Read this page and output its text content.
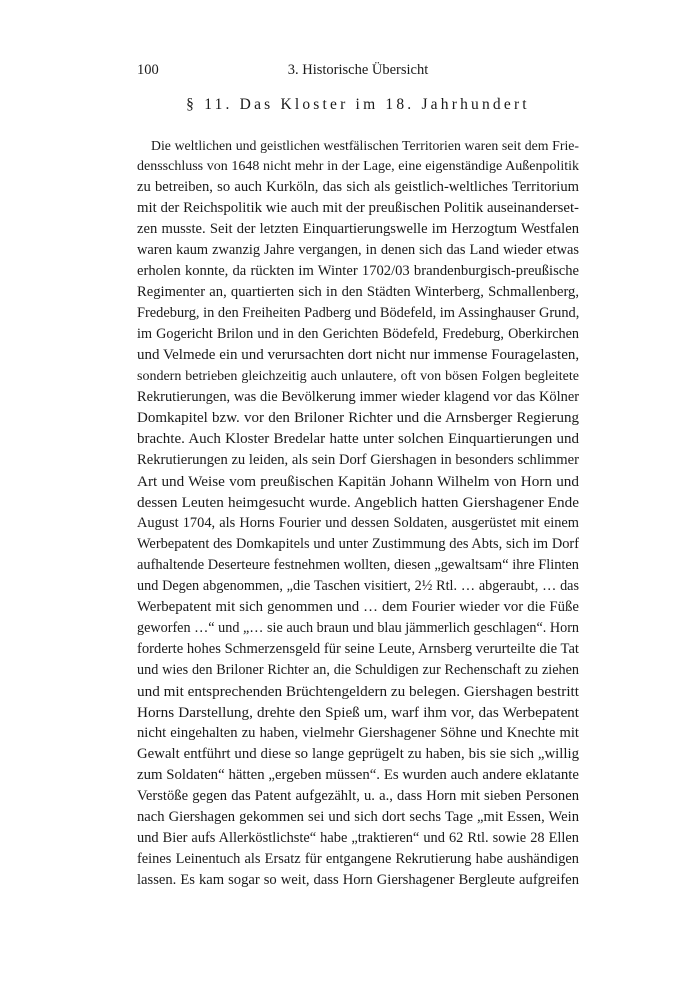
100	3. Historische Übersicht
§ 11. Das Kloster im 18. Jahrhundert
Die weltlichen und geistlichen westfälischen Territorien waren seit dem Frie-
densschluss von 1648 nicht mehr in der Lage, eine eigenständige Außenpolitik
zu betreiben, so auch Kurköln, das sich als geistlich-weltliches Territorium
mit der Reichspolitik wie auch mit der preußischen Politik auseinanderset-
zen musste. Seit der letzten Einquartierungswelle im Herzogtum Westfalen
waren kaum zwanzig Jahre vergangen, in denen sich das Land wieder etwas
erholen konnte, da rückten im Winter 1702/03 brandenburgisch-preußische
Regimenter an, quartierten sich in den Städten Winterberg, Schmallenberg,
Fredeburg, in den Freiheiten Padberg und Bödefeld, im Assinghauser Grund,
im Gogericht Brilon und in den Gerichten Bödefeld, Fredeburg, Oberkirchen
und Velmede ein und verursachten dort nicht nur immense Fouragelasten,
sondern betrieben gleichzeitig auch unlautere, oft von bösen Folgen begleitete
Rekrutierungen, was die Bevölkerung immer wieder klagend vor das Kölner
Domkapitel bzw. vor den Briloner Richter und die Arnsberger Regierung
brachte. Auch Kloster Bredelar hatte unter solchen Einquartierungen und
Rekrutierungen zu leiden, als sein Dorf Giershagen in besonders schlimmer
Art und Weise vom preußischen Kapitän Johann Wilhelm von Horn und
dessen Leuten heimgesucht wurde. Angeblich hatten Giershagener Ende
August 1704, als Horns Fourier und dessen Soldaten, ausgerüstet mit einem
Werbepatent des Domkapitels und unter Zustimmung des Abts, sich im Dorf
aufhaltende Deserteure festnehmen wollten, diesen „gewaltsam“ ihre Flinten
und Degen abgenommen, „die Taschen visitiert, 2½ Rtl. … abgeraubt, … das
Werbepatent mit sich genommen und … dem Fourier wieder vor die Füße
geworfen …“ und „… sie auch braun und blau jämmerlich geschlagen“. Horn
forderte hohes Schmerzensgeld für seine Leute, Arnsberg verurteilte die Tat
und wies den Briloner Richter an, die Schuldigen zur Rechenschaft zu ziehen
und mit entsprechenden Brüchtengeldern zu belegen. Giershagen bestritt
Horns Darstellung, drehte den Spieß um, warf ihm vor, das Werbepatent
nicht eingehalten zu haben, vielmehr Giershagener Söhne und Knechte mit
Gewalt entführt und diese so lange geprügelt zu haben, bis sie sich „willig
zum Soldaten“ hätten „ergeben müssen“. Es wurden auch andere eklatante
Verstöße gegen das Patent aufgezählt, u. a., dass Horn mit sieben Personen
nach Giershagen gekommen sei und sich dort sechs Tage „mit Essen, Wein
und Bier aufs Allerköstlichste“ habe „traktieren“ und 62 Rtl. sowie 28 Ellen
feines Leinentuch als Ersatz für entgangene Rekrutierung habe aushändigen
lassen. Es kam sogar so weit, dass Horn Giershagener Bergleute aufgreifen
